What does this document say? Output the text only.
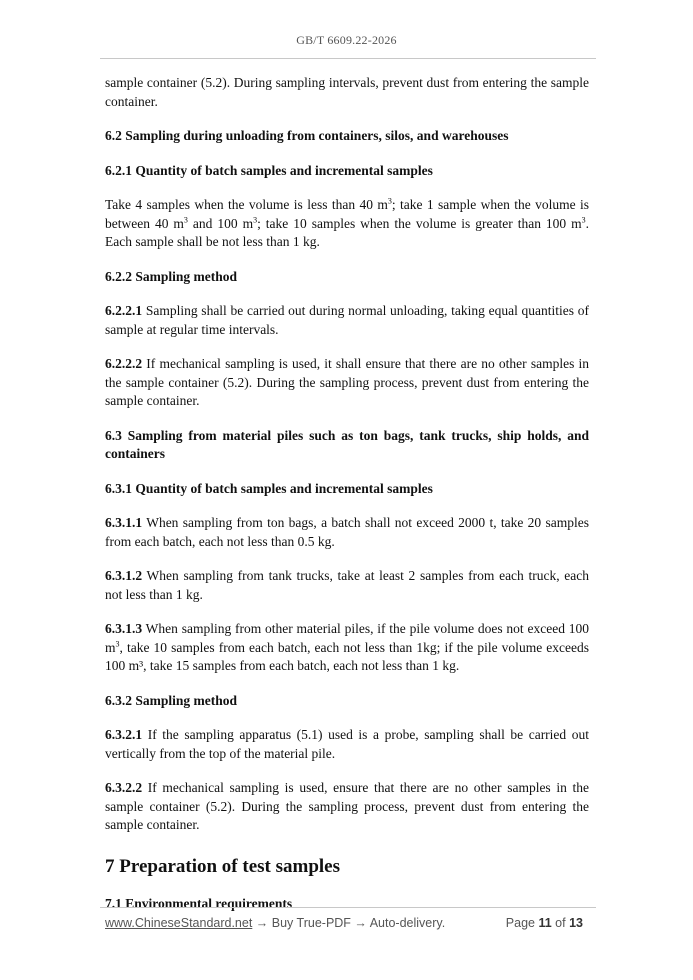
GB/T 6609.22-2026

sample container (5.2). During sampling intervals, prevent dust from entering the sample container.

6.2 Sampling during unloading from containers, silos, and warehouses

6.2.1 Quantity of batch samples and incremental samples

Take 4 samples when the volume is less than 40 $m^3$; take 1 sample when the volume is between 40 $m^3$ and 100 $m^3$; take 10 samples when the volume is greater than 100 $m^3$. Each sample shall be not less than 1 kg.

6.2.2 Sampling method

6.2.2.1 Sampling shall be carried out during normal unloading, taking equal quantities of sample at regular time intervals.

6.2.2.2 If mechanical sampling is used, it shall ensure that there are no other samples in the sample container (5.2). During the sampling process, prevent dust from entering the sample container.

6.3 Sampling from material piles such as ton bags, tank trucks, ship holds, and containers

6.3.1 Quantity of batch samples and incremental samples

6.3.1.1 When sampling from ton bags, a batch shall not exceed 2000 t, take 20 samples from each batch, each not less than 0.5 kg.

6.3.1.2 When sampling from tank trucks, take at least 2 samples from each truck, each not less than 1 kg.

6.3.1.3 When sampling from other material piles, if the pile volume does not exceed 100 $m^3$, take 10 samples from each batch, each not less than 1kg; if the pile volume exceeds 100 m³, take 15 samples from each batch, each not less than 1 kg.

6.3.2 Sampling method

6.3.2.1 If the sampling apparatus (5.1) used is a probe, sampling shall be carried out vertically from the top of the material pile.

6.3.2.2 If mechanical sampling is used, ensure that there are no other samples in the sample container (5.2). During the sampling process, prevent dust from entering the sample container.

7 Preparation of test samples

7.1 Environmental requirements

www.ChineseStandard.net → Buy True-PDF → Auto-delivery.	Page 11 of 13
